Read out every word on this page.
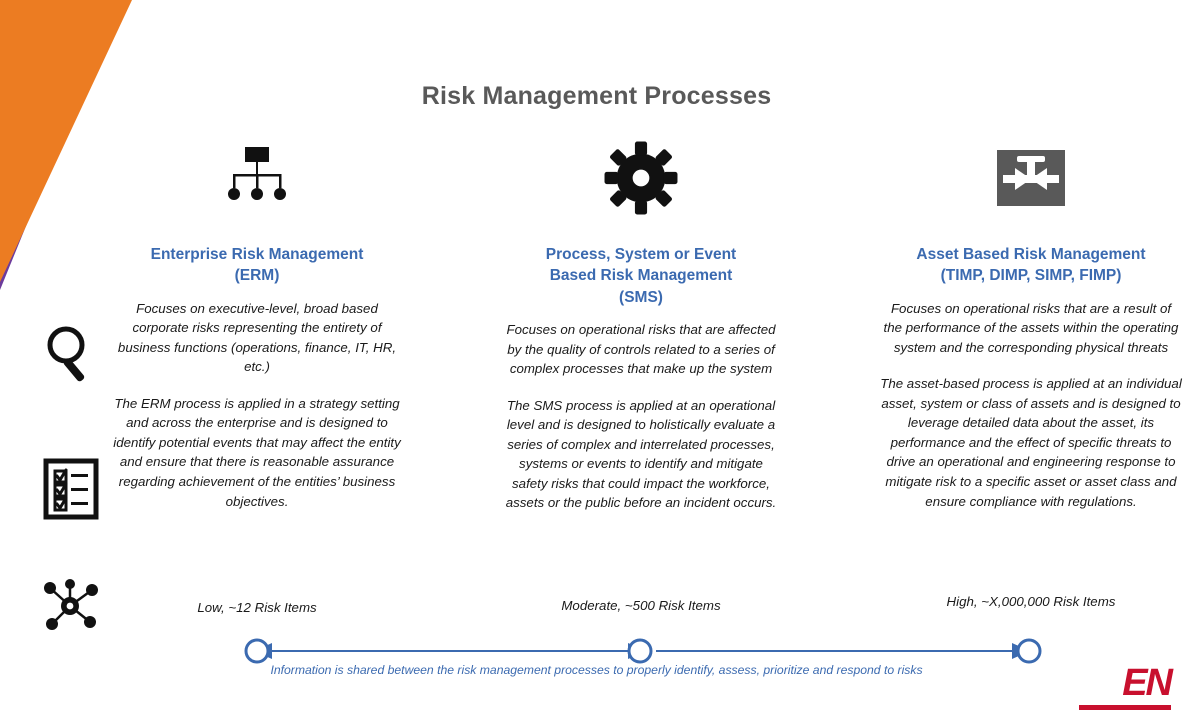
Risk Management Processes
Enterprise Risk Management
(ERM)

Focuses on executive-level, broad based corporate risks representing the entirety of business functions (operations, finance, IT, HR, etc.)

The ERM process is applied in a strategy setting and across the enterprise and is designed to identify potential events that may affect the entity and ensure that there is reasonable assurance regarding achievement of the entities’ business objectives.

Process, System or Event
Based Risk Management
(SMS)

Focuses on operational risks that are affected by the quality of controls related to a series of complex processes that make up the system

The SMS process is applied at an operational level and is designed to holistically evaluate a series of complex and interrelated processes, systems or events to identify and mitigate safety risks that could impact the workforce, assets or the public before an incident occurs.

Asset Based Risk Management
(TIMP, DIMP, SIMP, FIMP)

Focuses on operational risks that are a result of the performance of the assets within the operating system and the corresponding physical threats

The asset-based process is applied at an individual asset, system or class of assets and is designed to leverage detailed data about the asset, its performance and the effect of specific threats to drive an operational and engineering response to mitigate risk to a specific asset or asset class and ensure compliance with regulations.

Low, ~12 Risk Items	Moderate, ~500 Risk Items	High, ~X,000,000 Risk Items
Information is shared between the risk management processes to properly identify, assess, prioritize and respond to risks	EN
